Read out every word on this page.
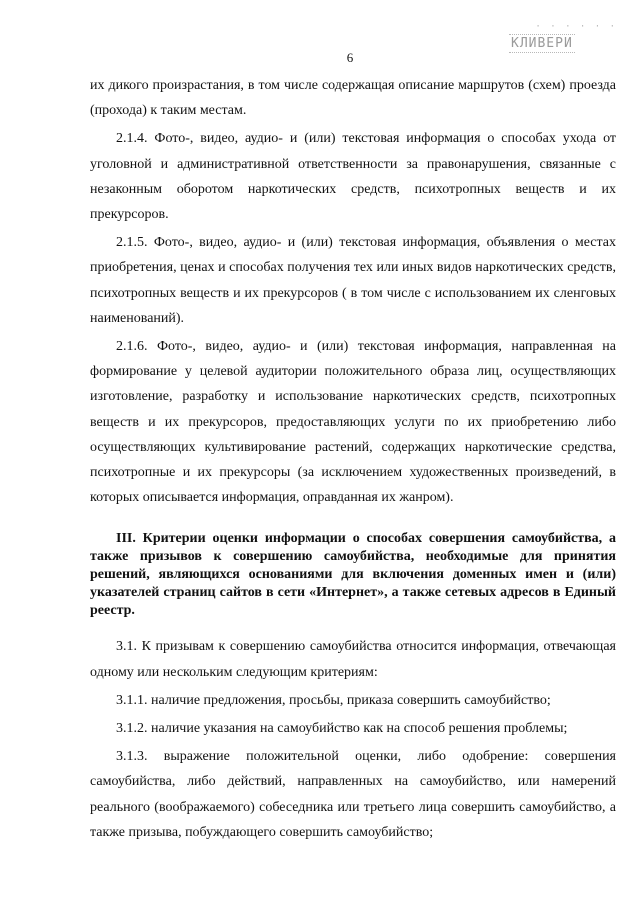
· · · · · ·
КЛИВЕРИ
6

их дикого произрастания, в том числе содержащая описание маршрутов (схем) проезда (прохода) к таким местам.

2.1.4. Фото-, видео, аудио- и (или) текстовая информация о способах ухода от уголовной и административной ответственности за правонарушения, связанные с незаконным оборотом наркотических средств, психотропных веществ и их прекурсоров.

2.1.5. Фото-, видео, аудио- и (или) текстовая информация, объявления о местах приобретения, ценах и способах получения тех или иных видов наркотических средств, психотропных веществ и их прекурсоров ( в том числе с использованием их сленговых наименований).

2.1.6. Фото-, видео, аудио- и (или) текстовая информация, направленная на формирование у целевой аудитории положительного образа лиц, осуществляющих изготовление, разработку и использование наркотических средств, психотропных веществ и их прекурсоров, предоставляющих услуги по их приобретению либо осуществляющих культивирование растений, содержащих наркотические средства, психотропные и их прекурсоры (за исключением художественных произведений, в которых описывается информация, оправданная их жанром).

III. Критерии оценки информации о способах совершения самоубийства, а также призывов к совершению самоубийства, необходимые для принятия решений, являющихся основаниями для включения доменных имен и (или) указателей страниц сайтов в сети «Интернет», а также сетевых адресов в Единый реестр.

3.1. К призывам к совершению самоубийства относится информация, отвечающая одному или нескольким следующим критериям:

3.1.1. наличие предложения, просьбы, приказа совершить самоубийство;

3.1.2. наличие указания на самоубийство как на способ решения проблемы;

3.1.3. выражение положительной оценки, либо одобрение: совершения самоубийства, либо действий, направленных на самоубийство, или намерений реального (воображаемого) собеседника или третьего лица совершить самоубийство, а также призыва, побуждающего совершить самоубийство;
